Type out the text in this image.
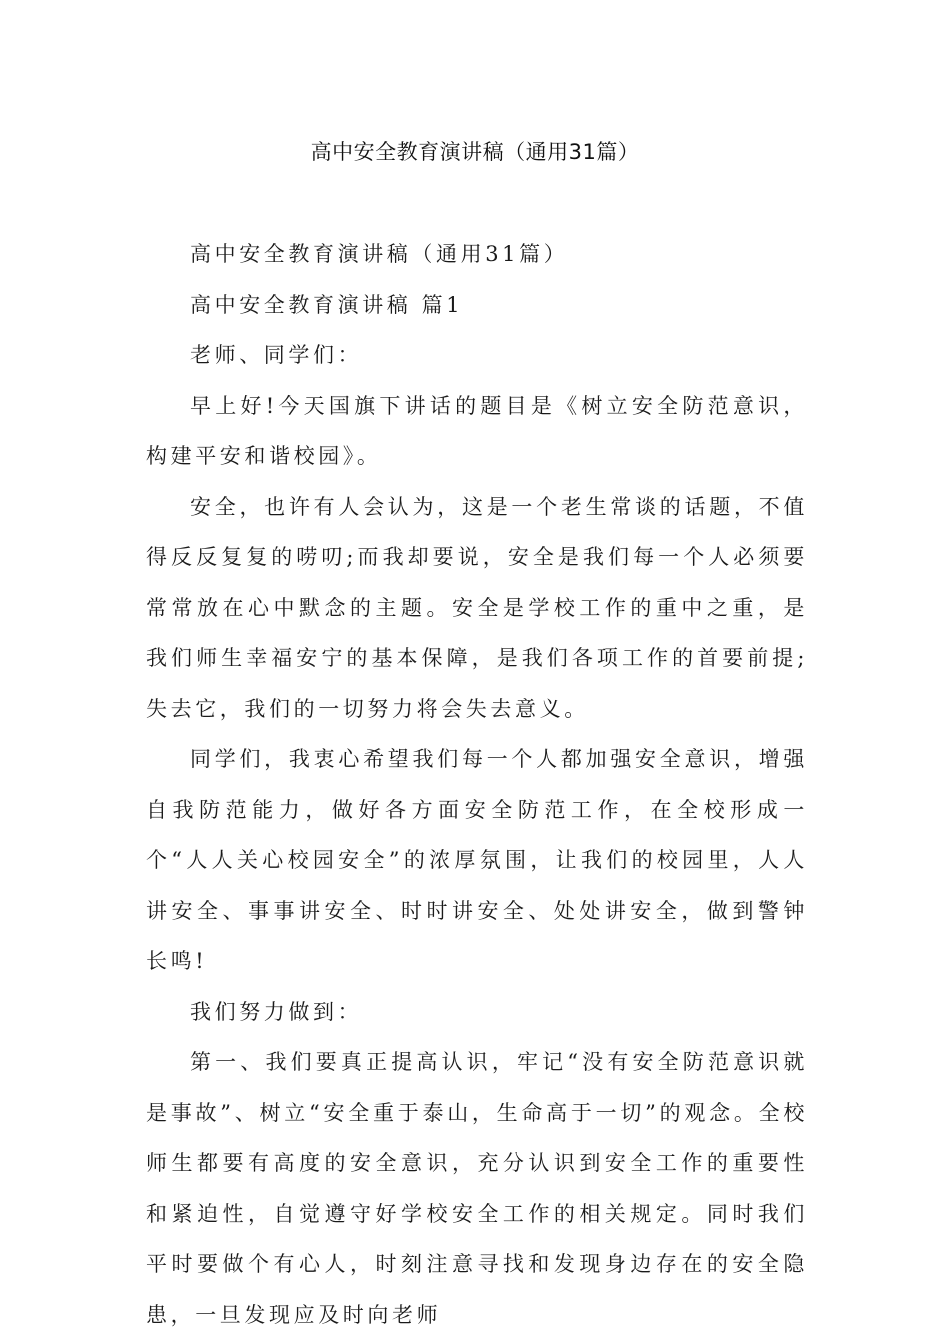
高中安全教育演讲稿（通用31篇）

高中安全教育演讲稿（通用31篇）

高中安全教育演讲稿 篇1

老师、同学们：

早上好!今天国旗下讲话的题目是《树立安全防范意识，构建平安和谐校园》。

安全，也许有人会认为，这是一个老生常谈的话题，不值得反反复复的唠叨;而我却要说，安全是我们每一个人必须要常常放在心中默念的主题。安全是学校工作的重中之重，是我们师生幸福安宁的基本保障，是我们各项工作的首要前提;失去它，我们的一切努力将会失去意义。

同学们，我衷心希望我们每一个人都加强安全意识，增强自我防范能力，做好各方面安全防范工作，在全校形成一个“人人关心校园安全”的浓厚氛围，让我们的校园里，人人讲安全、事事讲安全、时时讲安全、处处讲安全，做到警钟长鸣!

我们努力做到：

第一、我们要真正提高认识，牢记“没有安全防范意识就是事故”、树立“安全重于泰山，生命高于一切”的观念。全校师生都要有高度的安全意识，充分认识到安全工作的重要性和紧迫性，自觉遵守好学校安全工作的相关规定。同时我们平时要做个有心人，时刻注意寻找和发现身边存在的安全隐患，一旦发现应及时向老师
